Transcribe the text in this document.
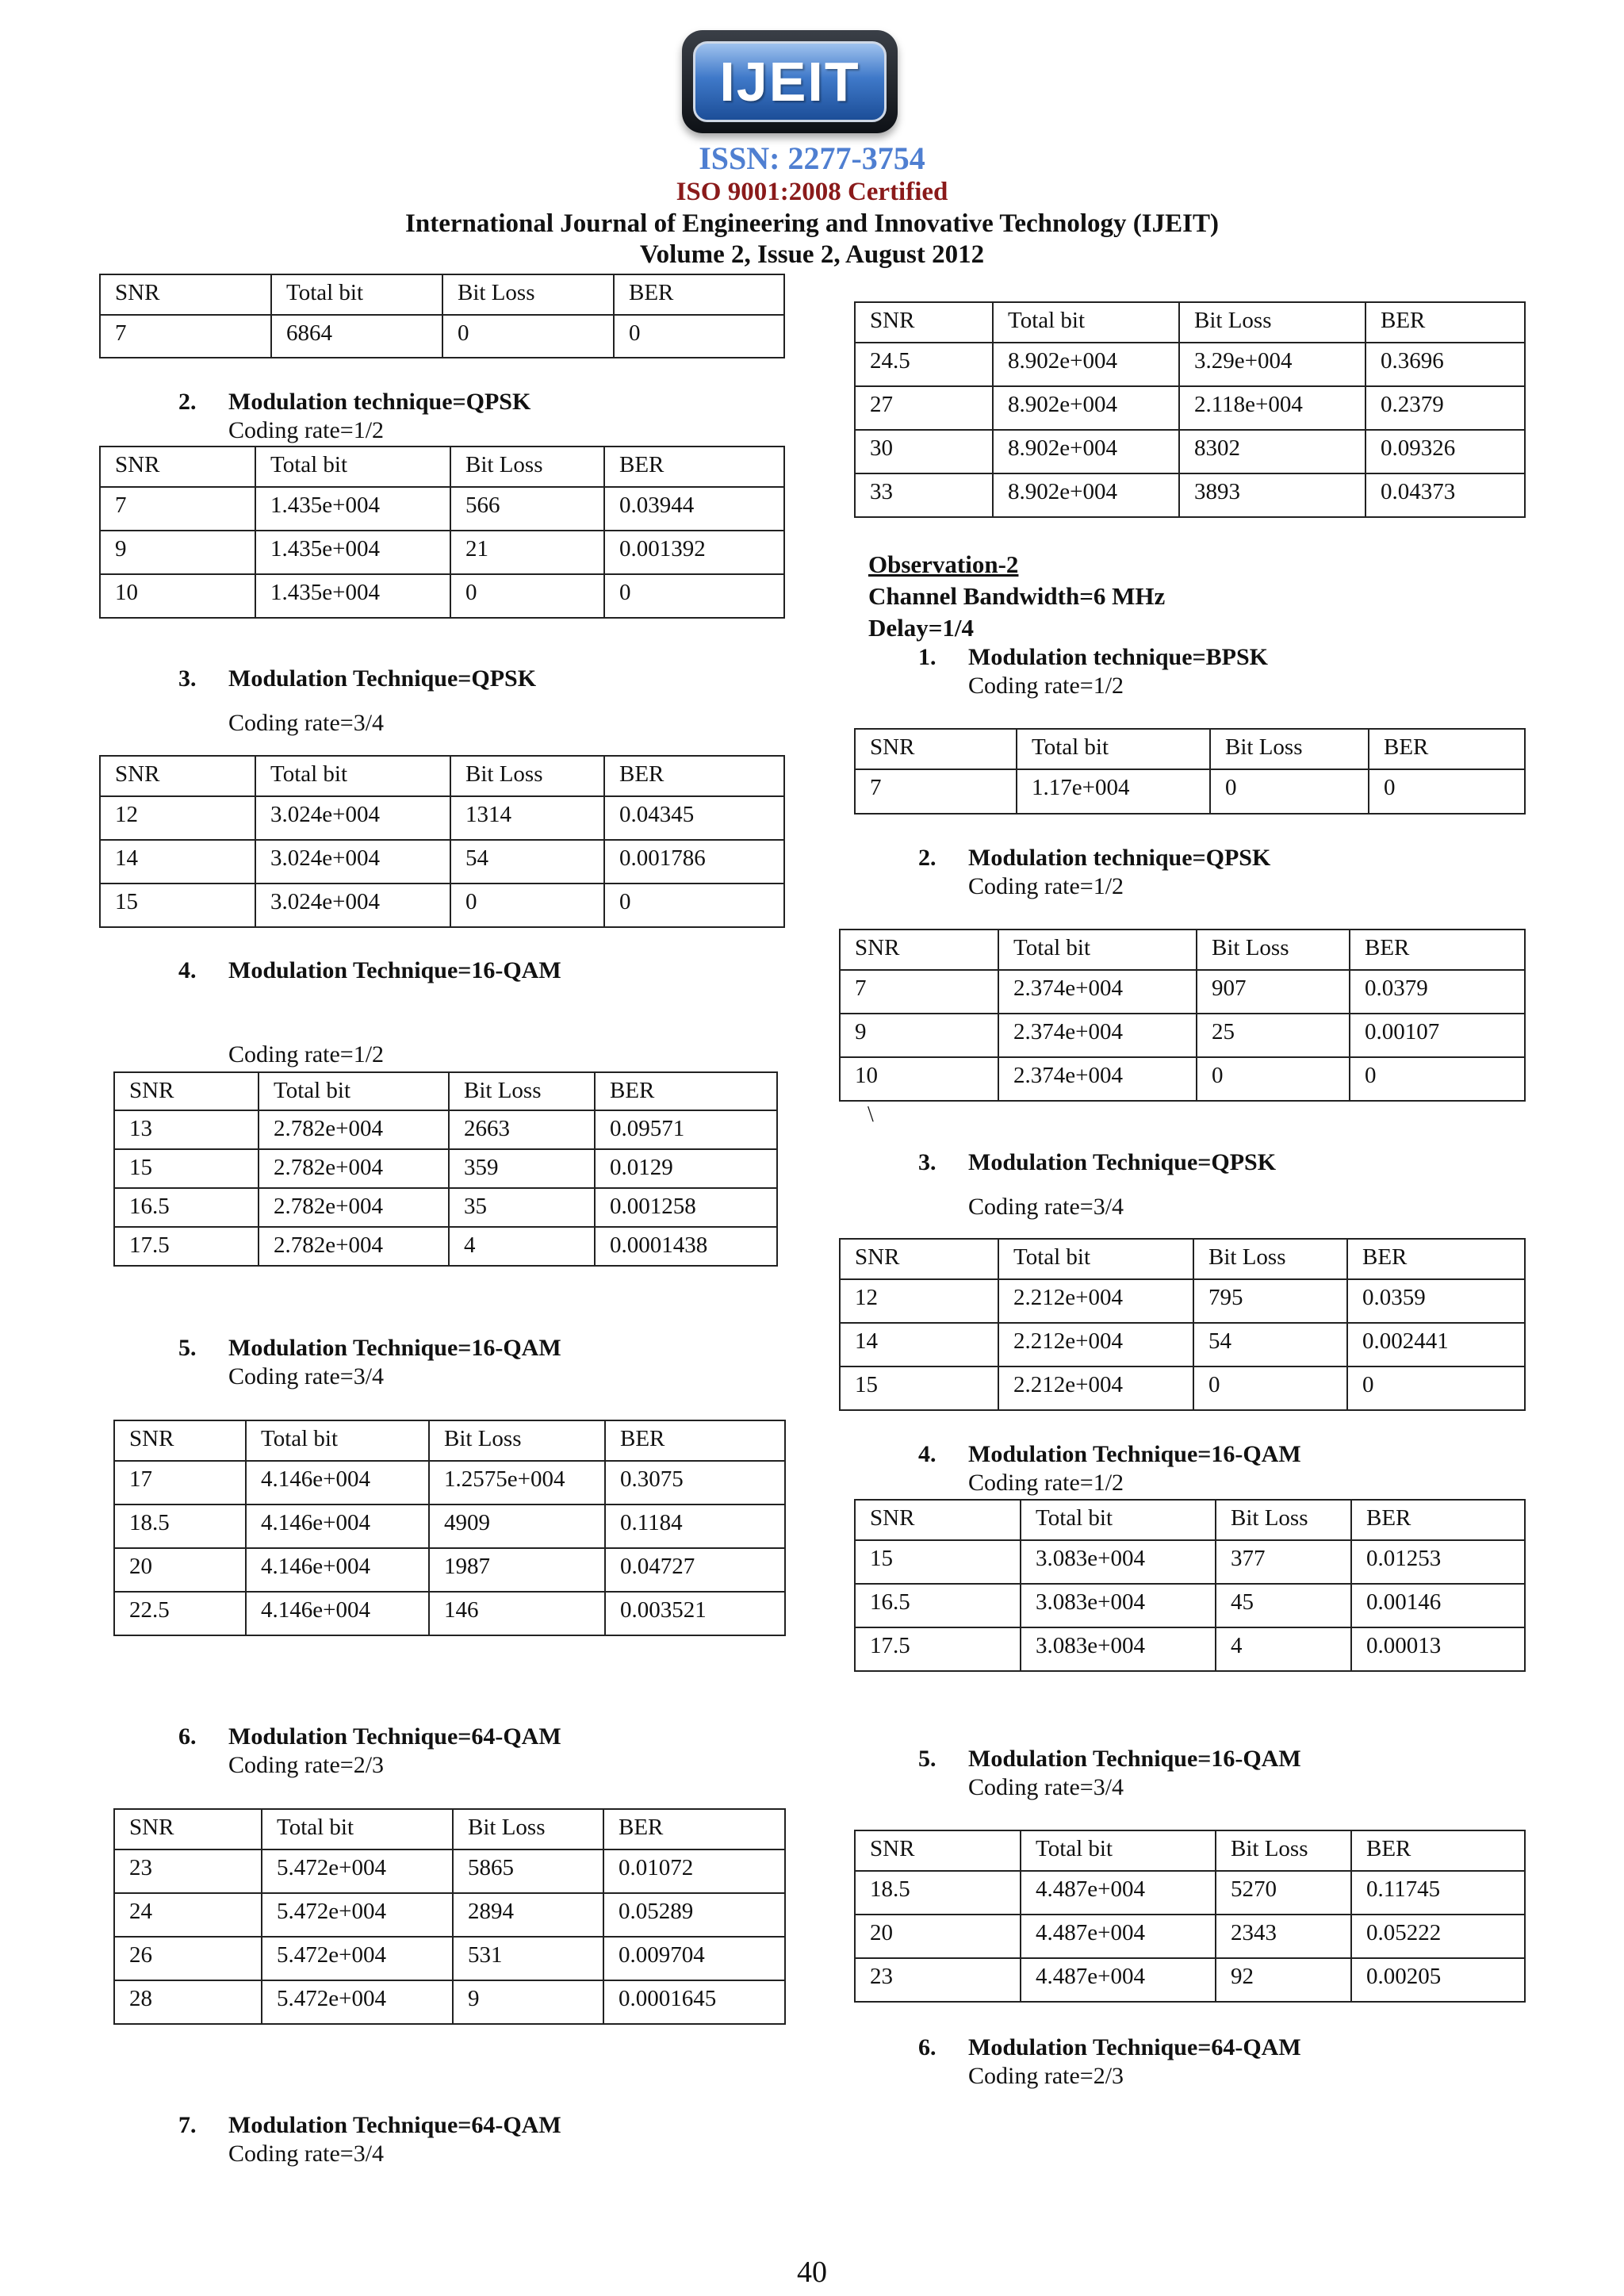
IJEIT
ISSN: 2277-3754
ISO 9001:2008 Certified
International Journal of Engineering and Innovative Technology (IJEIT)
Volume 2, Issue 2, August 2012
SNR	Total bit	Bit Loss	BER
7	6864	0	0
2. Modulation technique=QPSK
Coding rate=1/2
SNR	Total bit	Bit Loss	BER
7	1.435e+004	566	0.03944
9	1.435e+004	21	0.001392
10	1.435e+004	0	0
3. Modulation Technique=QPSK
Coding rate=3/4
SNR	Total bit	Bit Loss	BER
12	3.024e+004	1314	0.04345
14	3.024e+004	54	0.001786
15	3.024e+004	0	0
4. Modulation Technique=16-QAM
Coding rate=1/2
SNR	Total bit	Bit Loss	BER
13	2.782e+004	2663	0.09571
15	2.782e+004	359	0.0129
16.5	2.782e+004	35	0.001258
17.5	2.782e+004	4	0.0001438
5. Modulation Technique=16-QAM
Coding rate=3/4
SNR	Total bit	Bit Loss	BER
17	4.146e+004	1.2575e+004	0.3075
18.5	4.146e+004	4909	0.1184
20	4.146e+004	1987	0.04727
22.5	4.146e+004	146	0.003521
6. Modulation Technique=64-QAM
Coding rate=2/3
SNR	Total bit	Bit Loss	BER
23	5.472e+004	5865	0.01072
24	5.472e+004	2894	0.05289
26	5.472e+004	531	0.009704
28	5.472e+004	9	0.0001645
7. Modulation Technique=64-QAM
Coding rate=3/4
SNR	Total bit	Bit Loss	BER
24.5	8.902e+004	3.29e+004	0.3696
27	8.902e+004	2.118e+004	0.2379
30	8.902e+004	8302	0.09326
33	8.902e+004	3893	0.04373
Observation-2
Channel Bandwidth=6 MHz
Delay=1/4
1. Modulation technique=BPSK
Coding rate=1/2
SNR	Total bit	Bit Loss	BER
7	1.17e+004	0	0
2. Modulation technique=QPSK
Coding rate=1/2
SNR	Total bit	Bit Loss	BER
7	2.374e+004	907	0.0379
9	2.374e+004	25	0.00107
10	2.374e+004	0	0
\
3. Modulation Technique=QPSK
Coding rate=3/4
SNR	Total bit	Bit Loss	BER
12	2.212e+004	795	0.0359
14	2.212e+004	54	0.002441
15	2.212e+004	0	0
4. Modulation Technique=16-QAM
Coding rate=1/2
SNR	Total bit	Bit Loss	BER
15	3.083e+004	377	0.01253
16.5	3.083e+004	45	0.00146
17.5	3.083e+004	4	0.00013
5. Modulation Technique=16-QAM
Coding rate=3/4
SNR	Total bit	Bit Loss	BER
18.5	4.487e+004	5270	0.11745
20	4.487e+004	2343	0.05222
23	4.487e+004	92	0.00205
6. Modulation Technique=64-QAM
Coding rate=2/3
40
